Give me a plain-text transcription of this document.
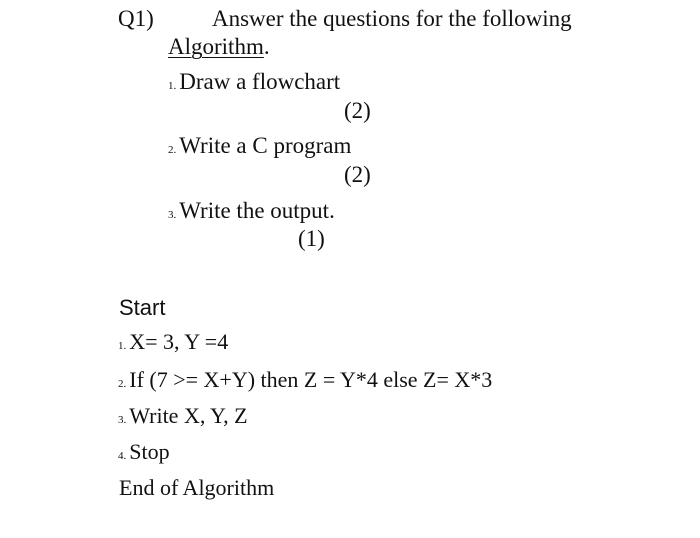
Q1)	Answer the questions for the following
Algorithm.
1. Draw a flowchart
(2)
2. Write a C program
(2)
3. Write the output.
(1)
Start
1. X= 3, Y =4
2. If (7 >= X+Y) then Z = Y*4 else Z= X*3
3. Write X, Y, Z
4. Stop
End of Algorithm
